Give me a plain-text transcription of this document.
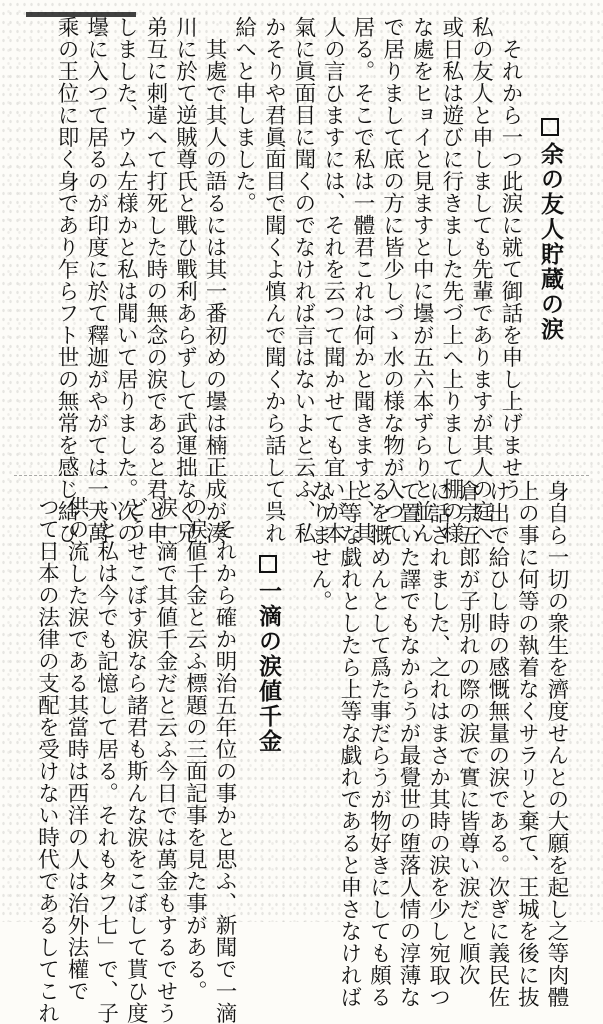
余の友人貯蔵の涙

　それから一つ此涙に就て御話を申し上げませう

私の友人と申しましても先輩でありますが其人の庭へ

或日私は遊びに行きました先づ上へ上りまして棚の様

な處をヒョイと見ますと中に壜が五六本ずらりと並ん

で居りまして底の方に皆少しづゝ水の様な物が入つて

居る。そこで私は一體君これは何かと聞きますと、其

人の言ひますには、それを云つて聞かせても宜いが本

氣に眞面目に聞くのでなければ言はないよと云ふ、私

かそりや君眞面目で聞くよ慎んで聞くから話して呉れ

給へと申しました。

　其處で其人の語るには其一番初めの壜は楠正成が湊

川に於て逆賊尊氏と戰ひ戰利あらずして武運拙なく兄

弟互に刺違へて打死した時の無念の涙であると君と申

しました、ウム左様かと私は聞いて居りました。次の

壜に入つて居るのが印度に於て釋迦がやがては一天萬

乘の王位に即く身であり乍らフト世の無常を感じ給ひ

身自ら一切の衆生を濟度せんとの大願を起し之等肉體

上の事に何等の執着なくサラリと棄て、王城を後に抜

け出で給ひし時の感慨無量の涙である。次ぎに義民佐

倉宗五郎が子別れの際の涙で實に皆尊い涙だと順次

に話されました、之れはまさか其時の涙を少し宛取つ

て置いた譯でもなからうが最覺世の堕落人情の淳薄な

るを慨めんとして爲た事だらうが物好きにしても頗る

上等な戯れとしたら上等な戯れであると申さなければ

なりません。

一滴の涙値千金

　それから確か明治五年位の事かと思ふ、新聞で一滴

の涙値千金と云ふ標題の三面記事を見た事がある。

涙一滴で其値千金だと云ふ今日では萬金もするでせう

どうせこぼす涙なら諸君も斯んな涙をこぼして貰ひ度

いと私は今でも記憶して居る。それもタフ七」で、子

供の流した涙である其當時は西洋の人は治外法權で

つて日本の法律の支配を受けない時代であるしてこれ
